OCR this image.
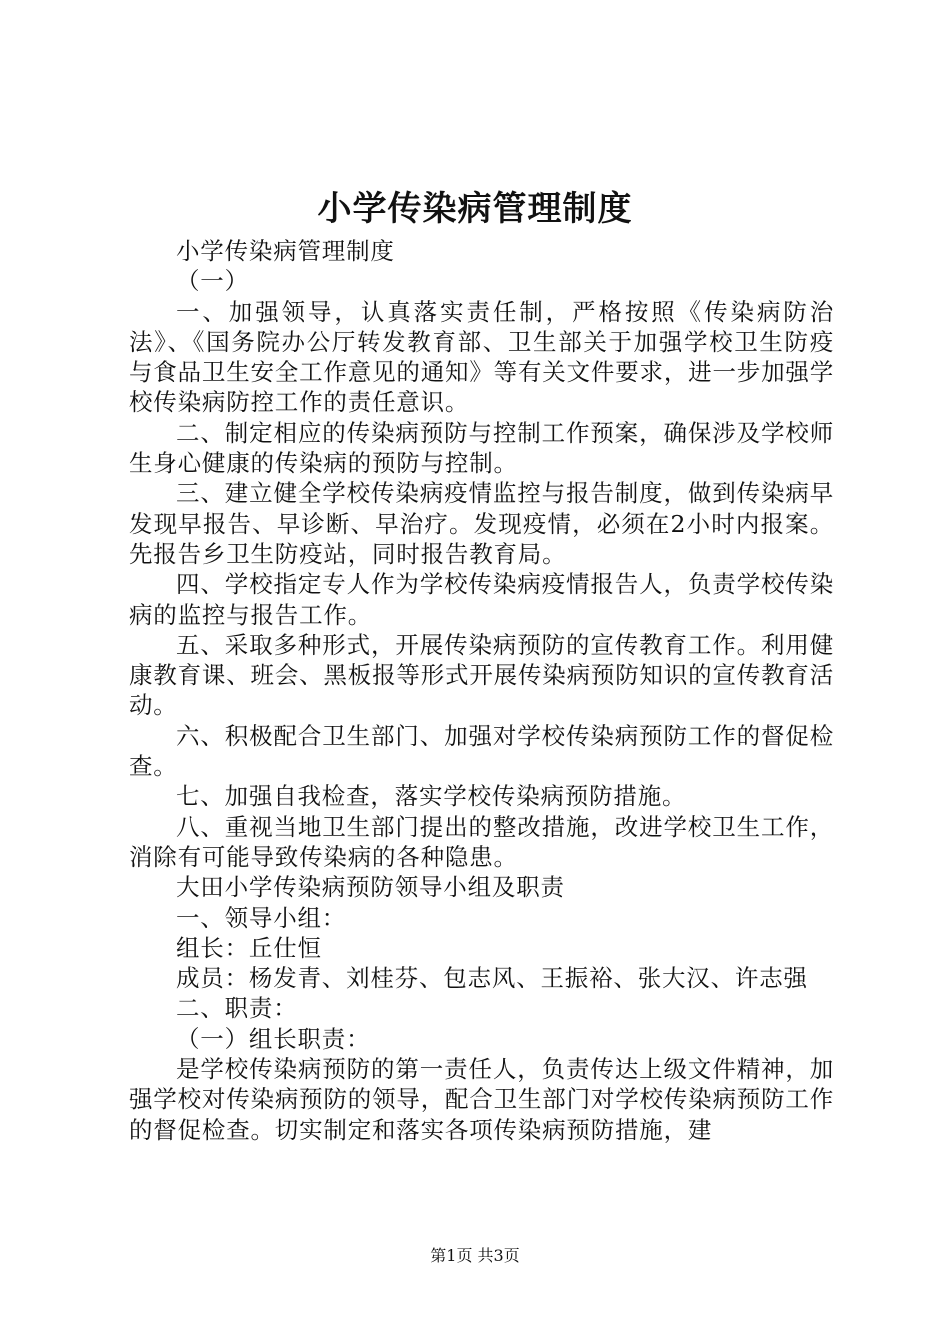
小学传染病管理制度

小学传染病管理制度

（一）

一、加强领导，认真落实责任制，严格按照《传染病防治法》、《国务院办公厅转发教育部、卫生部关于加强学校卫生防疫与食品卫生安全工作意见的通知》等有关文件要求，进一步加强学校传染病防控工作的责任意识。

二、制定相应的传染病预防与控制工作预案，确保涉及学校师生身心健康的传染病的预防与控制。

三、建立健全学校传染病疫情监控与报告制度，做到传染病早发现早报告、早诊断、早治疗。发现疫情，必须在2小时内报案。先报告乡卫生防疫站，同时报告教育局。

四、学校指定专人作为学校传染病疫情报告人，负责学校传染病的监控与报告工作。

五、采取多种形式，开展传染病预防的宣传教育工作。利用健康教育课、班会、黑板报等形式开展传染病预防知识的宣传教育活动。

六、积极配合卫生部门、加强对学校传染病预防工作的督促检查。

七、加强自我检查，落实学校传染病预防措施。

八、重视当地卫生部门提出的整改措施，改进学校卫生工作，消除有可能导致传染病的各种隐患。

大田小学传染病预防领导小组及职责

一、领导小组：

组长：丘仕恒

成员：杨发青、刘桂芬、包志风、王振裕、张大汉、许志强

二、职责：

（一）组长职责：

是学校传染病预防的第一责任人，负责传达上级文件精神，加强学校对传染病预防的领导，配合卫生部门对学校传染病预防工作的督促检查。切实制定和落实各项传染病预防措施，建

第1页 共3页
